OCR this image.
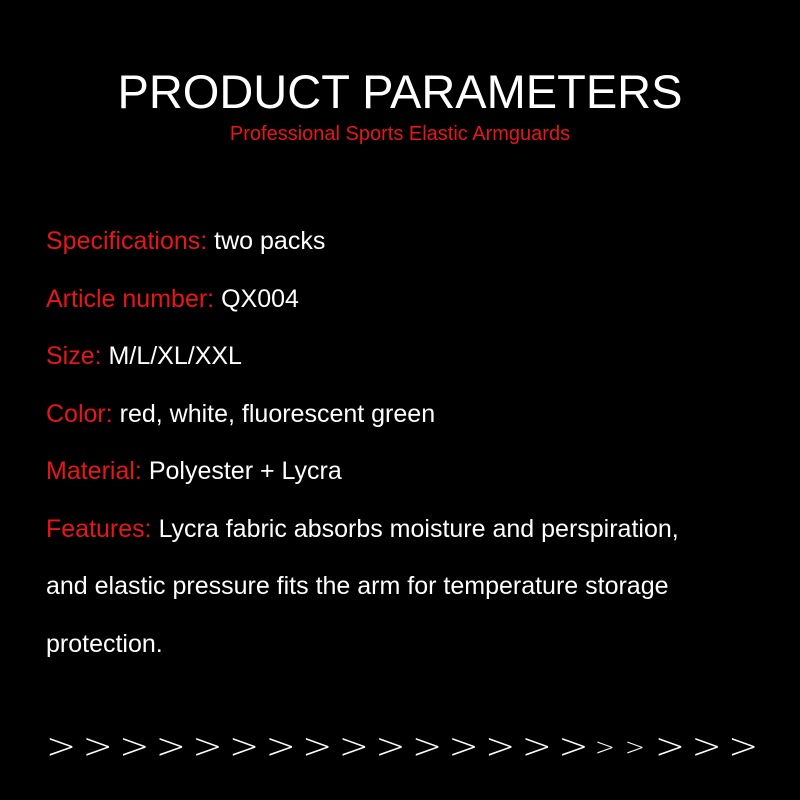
PRODUCT PARAMETERS
Professional Sports Elastic Armguards
Specifications: two packs
Article number: QX004
Size: M/L/XL/XXL
Color: red, white, fluorescent green
Material: Polyester + Lycra
Features: Lycra fabric absorbs moisture and perspiration,
and elastic pressure fits the arm for temperature storage
protection.
> > > > > > > > > > > > > > > > > > > >
